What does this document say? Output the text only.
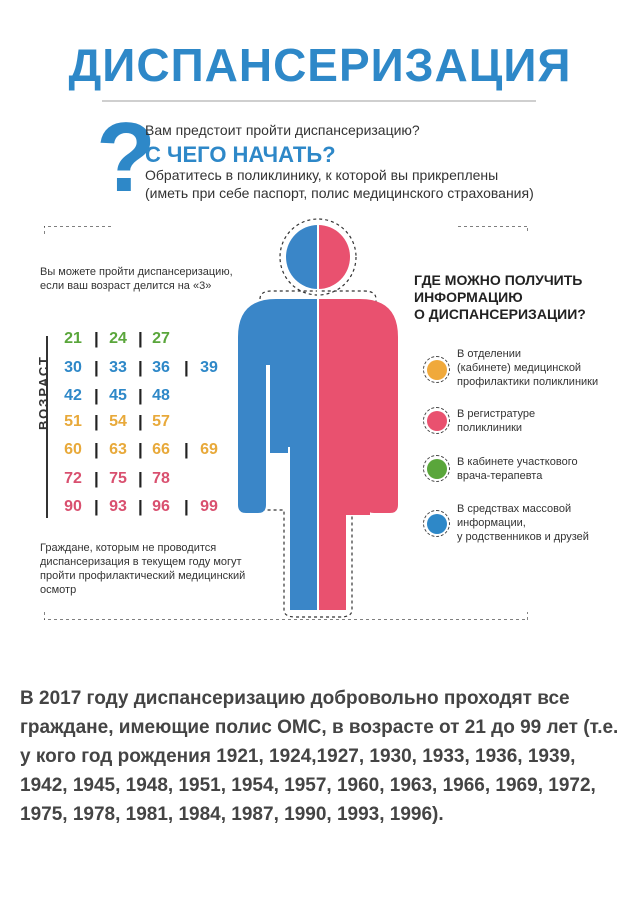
ДИСПАНСЕРИЗАЦИЯ
?
Вам предстоит пройти диспансеризацию?
С ЧЕГО НАЧАТЬ?
Обратитесь в поликлинику, к которой вы прикреплены
(иметь при себе паспорт, полис медицинского страхования)
Вы можете пройти диспансеризацию, если ваш возраст делится на «3»
ВОЗРАСТ
21 | 24 | 27
30 | 33 | 36 | 39
42 | 45 | 48
51 | 54 | 57
60 | 63 | 66 | 69
72 | 75 | 78
90 | 93 | 96 | 99
Граждане, которым не проводится диспансеризация в текущем году могут пройти профилактический медицинский осмотр
ГДЕ МОЖНО ПОЛУЧИТЬ
ИНФОРМАЦИЮ
О ДИСПАНСЕРИЗАЦИИ?
В отделении
(кабинете) медицинской
профилактики поликлиники
В регистратуре
поликлиники
В кабинете участкового
врача-терапевта
В средствах массовой
информации,
у родственников и друзей
В 2017 году диспансеризацию добровольно проходят все граждане, имеющие полис ОМС, в возрасте от 21 до 99 лет (т.е. у кого год рождения 1921, 1924,1927, 1930, 1933, 1936, 1939, 1942, 1945, 1948, 1951, 1954, 1957, 1960, 1963, 1966, 1969, 1972, 1975, 1978, 1981, 1984, 1987, 1990, 1993, 1996).
